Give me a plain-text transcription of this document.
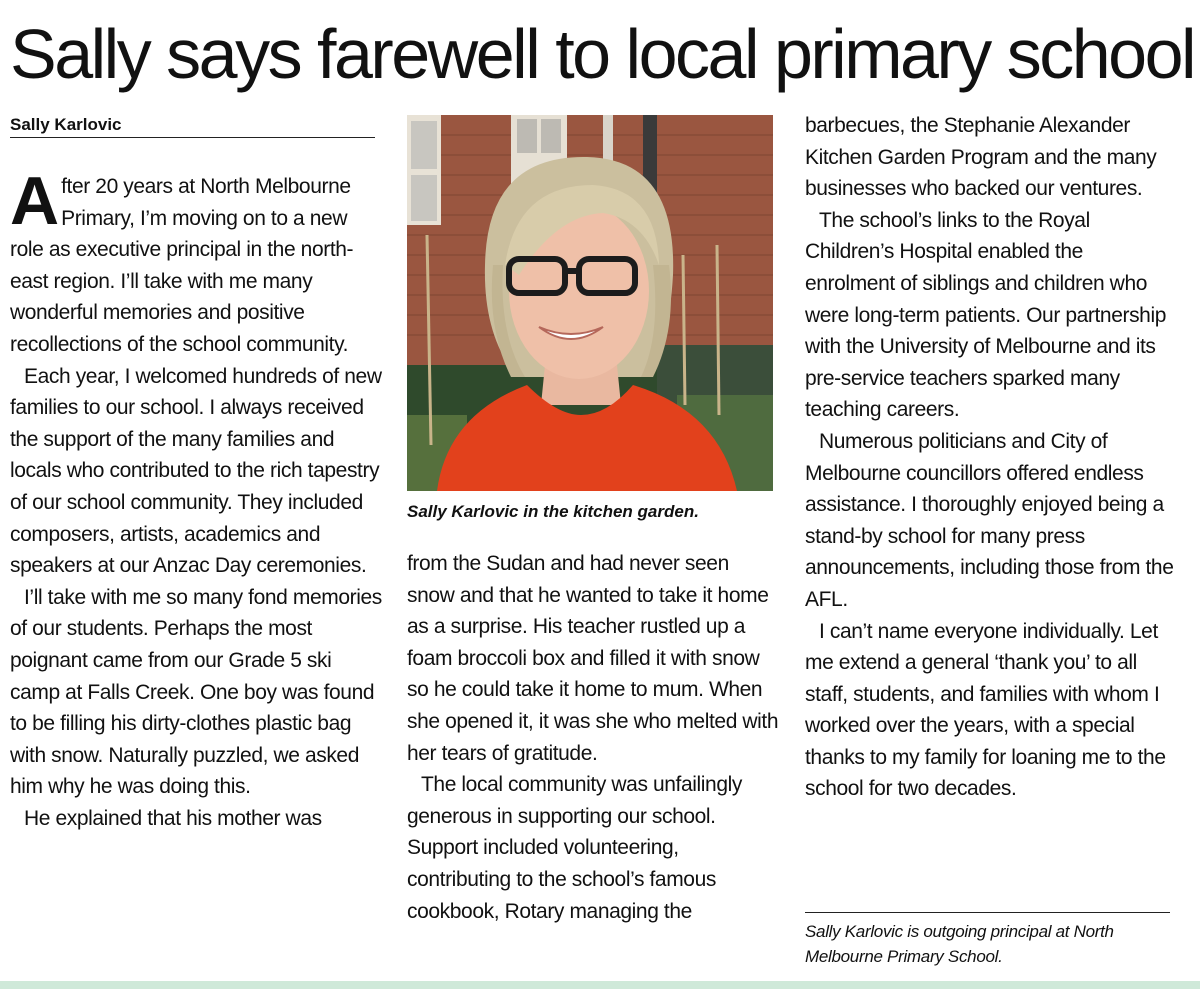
Sally says farewell to local primary school
Sally Karlovic

After 20 years at North Melbourne Primary, I’m moving on to a new role as executive principal in the north-east region. I’ll take with me many wonderful memories and positive recollections of the school community.

Each year, I welcomed hundreds of new families to our school. I always received the support of the many families and locals who contributed to the rich tapestry of our school community. They included composers, artists, academics and speakers at our Anzac Day ceremonies.

I’ll take with me so many fond memories of our students. Perhaps the most poignant came from our Grade 5 ski camp at Falls Creek. One boy was found to be filling his dirty-clothes plastic bag with snow. Naturally puzzled, we asked him why he was doing this.

He explained that his mother was

Sally Karlovic in the kitchen garden.

from the Sudan and had never seen snow and that he wanted to take it home as a surprise. His teacher rustled up a foam broccoli box and filled it with snow so he could take it home to mum. When she opened it, it was she who melted with her tears of gratitude.

The local community was unfailingly generous in supporting our school. Support included volunteering, contributing to the school’s famous cookbook, Rotary managing the

barbecues, the Stephanie Alexander Kitchen Garden Program and the many businesses who backed our ventures.

The school’s links to the Royal Children’s Hospital enabled the enrolment of siblings and children who were long-term patients. Our partnership with the University of Melbourne and its pre-service teachers sparked many teaching careers.

Numerous politicians and City of Melbourne councillors offered endless assistance. I thoroughly enjoyed being a stand-by school for many press announcements, including those from the AFL.

I can’t name everyone individually. Let me extend a general ‘thank you’ to all staff, students, and families with whom I worked over the years, with a special thanks to my family for loaning me to the school for two decades.

Sally Karlovic is outgoing principal at North Melbourne Primary School.
